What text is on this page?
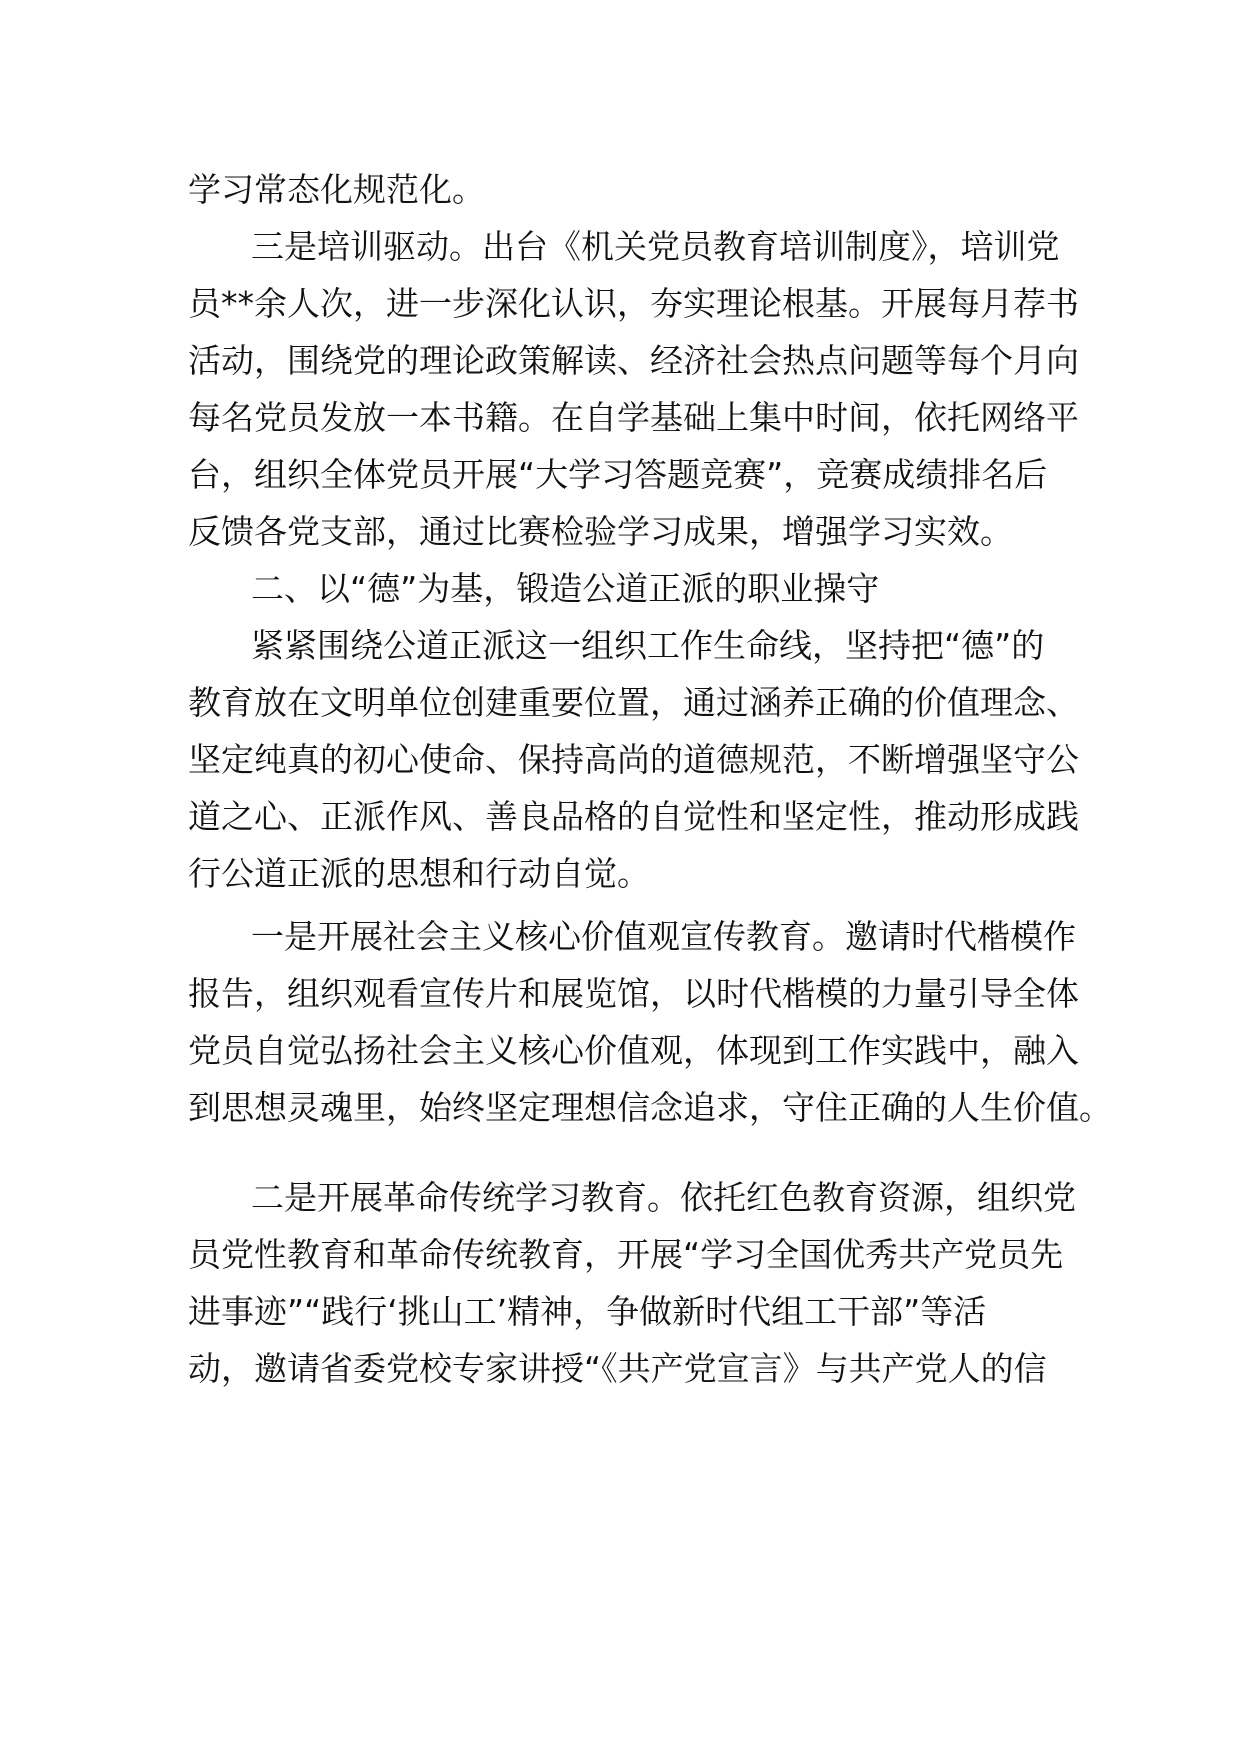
学习常态化规范化。
三是培训驱动。出台《机关党员教育培训制度》，培训党
员**余人次，进一步深化认识，夯实理论根基。开展每月荐书
活动，围绕党的理论政策解读、经济社会热点问题等每个月向
每名党员发放一本书籍。在自学基础上集中时间，依托网络平
台，组织全体党员开展“大学习答题竞赛”，竞赛成绩排名后
反馈各党支部，通过比赛检验学习成果，增强学习实效。
二、以“德”为基，锻造公道正派的职业操守
紧紧围绕公道正派这一组织工作生命线，坚持把“德”的
教育放在文明单位创建重要位置，通过涵养正确的价值理念、
坚定纯真的初心使命、保持高尚的道德规范，不断增强坚守公
道之心、正派作风、善良品格的自觉性和坚定性，推动形成践
行公道正派的思想和行动自觉。
一是开展社会主义核心价值观宣传教育。邀请时代楷模作
报告，组织观看宣传片和展览馆，以时代楷模的力量引导全体
党员自觉弘扬社会主义核心价值观，体现到工作实践中，融入
到思想灵魂里，始终坚定理想信念追求，守住正确的人生价值。
二是开展革命传统学习教育。依托红色教育资源，组织党
员党性教育和革命传统教育，开展“学习全国优秀共产党员先
进事迹”“践行‘挑山工’精神，争做新时代组工干部”等活
动，邀请省委党校专家讲授“《共产党宣言》与共产党人的信
